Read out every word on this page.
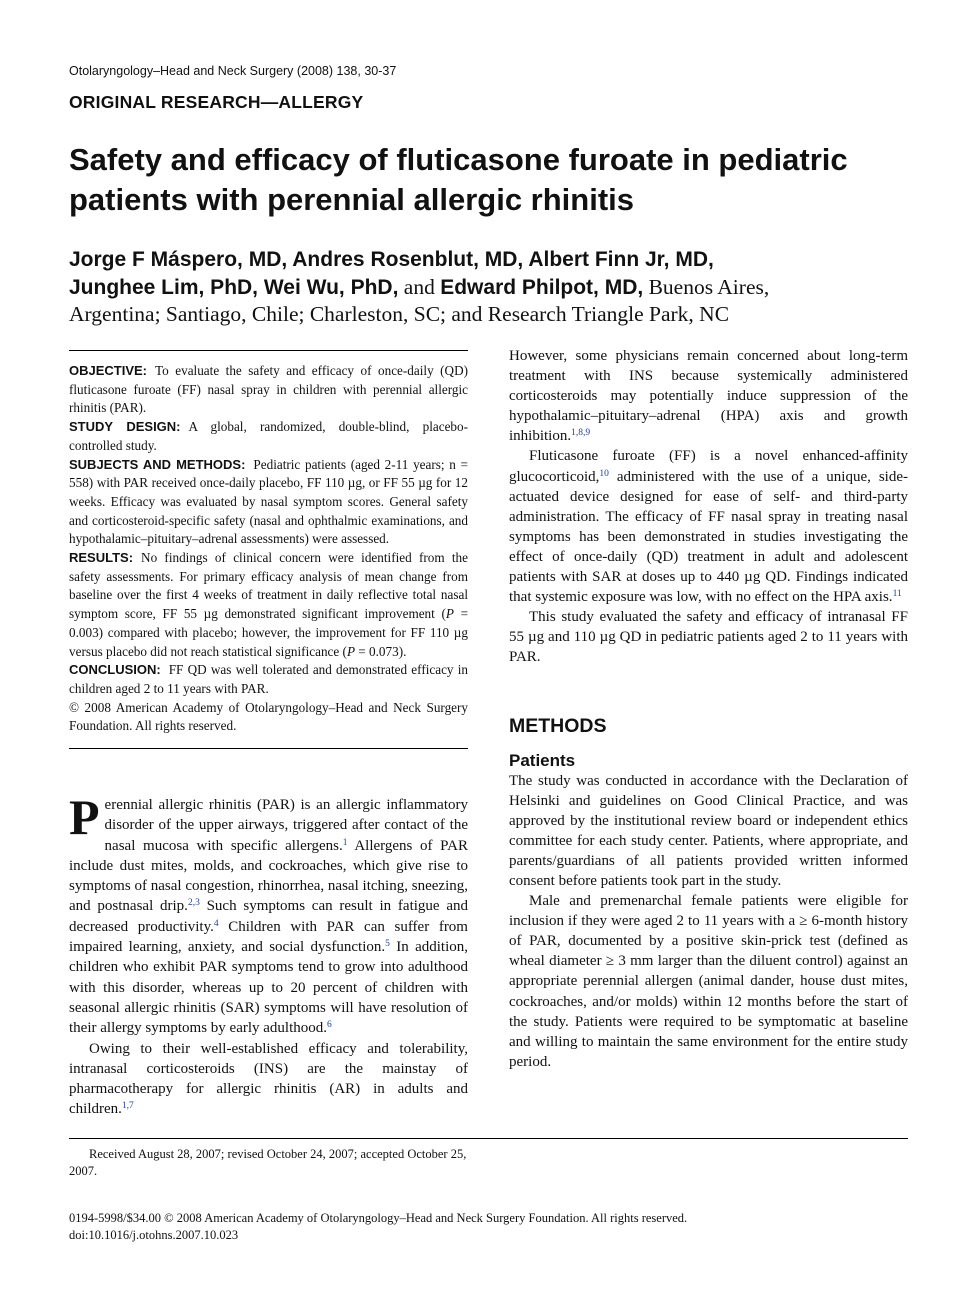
Otolaryngology–Head and Neck Surgery (2008) 138, 30-37
ORIGINAL RESEARCH—ALLERGY
Safety and efficacy of fluticasone furoate in pediatric patients with perennial allergic rhinitis
Jorge F Máspero, MD, Andres Rosenblut, MD, Albert Finn Jr, MD,
Junghee Lim, PhD, Wei Wu, PhD, and Edward Philpot, MD, Buenos Aires,
Argentina; Santiago, Chile; Charleston, SC; and Research Triangle Park, NC

OBJECTIVE: To evaluate the safety and efficacy of once-daily (QD) fluticasone furoate (FF) nasal spray in children with perennial allergic rhinitis (PAR).

STUDY DESIGN: A global, randomized, double-blind, placebo-controlled study.

SUBJECTS AND METHODS: Pediatric patients (aged 2-11 years; n = 558) with PAR received once-daily placebo, FF 110 µg, or FF 55 µg for 12 weeks. Efficacy was evaluated by nasal symptom scores. General safety and corticosteroid-specific safety (nasal and ophthalmic examinations, and hypothalamic–pituitary–adrenal assessments) were assessed.

RESULTS: No findings of clinical concern were identified from the safety assessments. For primary efficacy analysis of mean change from baseline over the first 4 weeks of treatment in daily reflective total nasal symptom score, FF 55 µg demonstrated significant improvement (P = 0.003) compared with placebo; however, the improvement for FF 110 µg versus placebo did not reach statistical significance (P = 0.073).

CONCLUSION: FF QD was well tolerated and demonstrated efficacy in children aged 2 to 11 years with PAR.

© 2008 American Academy of Otolaryngology–Head and Neck Surgery Foundation. All rights reserved.

Perennial allergic rhinitis (PAR) is an allergic inflammatory disorder of the upper airways, triggered after contact of the nasal mucosa with specific allergens.$^1$ Allergens of PAR include dust mites, molds, and cockroaches, which give rise to symptoms of nasal congestion, rhinorrhea, nasal itching, sneezing, and postnasal drip.$^{2,3}$ Such symptoms can result in fatigue and decreased productivity.$^4$ Children with PAR can suffer from impaired learning, anxiety, and social dysfunction.$^5$ In addition, children who exhibit PAR symptoms tend to grow into adulthood with this disorder, whereas up to 20 percent of children with seasonal allergic rhinitis (SAR) symptoms will have resolution of their allergy symptoms by early adulthood.$^6$

Owing to their well-established efficacy and tolerability, intranasal corticosteroids (INS) are the mainstay of pharmacotherapy for allergic rhinitis (AR) in adults and children.$^{1,7}$

However, some physicians remain concerned about long-term treatment with INS because systemically administered corticosteroids may potentially induce suppression of the hypothalamic–pituitary–adrenal (HPA) axis and growth inhibition.$^{1,8,9}$

Fluticasone furoate (FF) is a novel enhanced-affinity glucocorticoid,$^{10}$ administered with the use of a unique, side-actuated device designed for ease of self- and third-party administration. The efficacy of FF nasal spray in treating nasal symptoms has been demonstrated in studies investigating the effect of once-daily (QD) treatment in adult and adolescent patients with SAR at doses up to 440 µg QD. Findings indicated that systemic exposure was low, with no effect on the HPA axis.$^{11}$

This study evaluated the safety and efficacy of intranasal FF 55 µg and 110 µg QD in pediatric patients aged 2 to 11 years with PAR.

METHODS
Patients

The study was conducted in accordance with the Declaration of Helsinki and guidelines on Good Clinical Practice, and was approved by the institutional review board or independent ethics committee for each study center. Patients, where appropriate, and parents/guardians of all patients provided written informed consent before patients took part in the study.

Male and premenarchal female patients were eligible for inclusion if they were aged 2 to 11 years with a ≥ 6-month history of PAR, documented by a positive skin-prick test (defined as wheal diameter ≥ 3 mm larger than the diluent control) against an appropriate perennial allergen (animal dander, house dust mites, cockroaches, and/or molds) within 12 months before the start of the study. Patients were required to be symptomatic at baseline and willing to maintain the same environment for the entire study period.

Received August 28, 2007; revised October 24, 2007; accepted October 25, 2007.
0194-5998/$34.00 © 2008 American Academy of Otolaryngology–Head and Neck Surgery Foundation. All rights reserved.
doi:10.1016/j.otohns.2007.10.023
